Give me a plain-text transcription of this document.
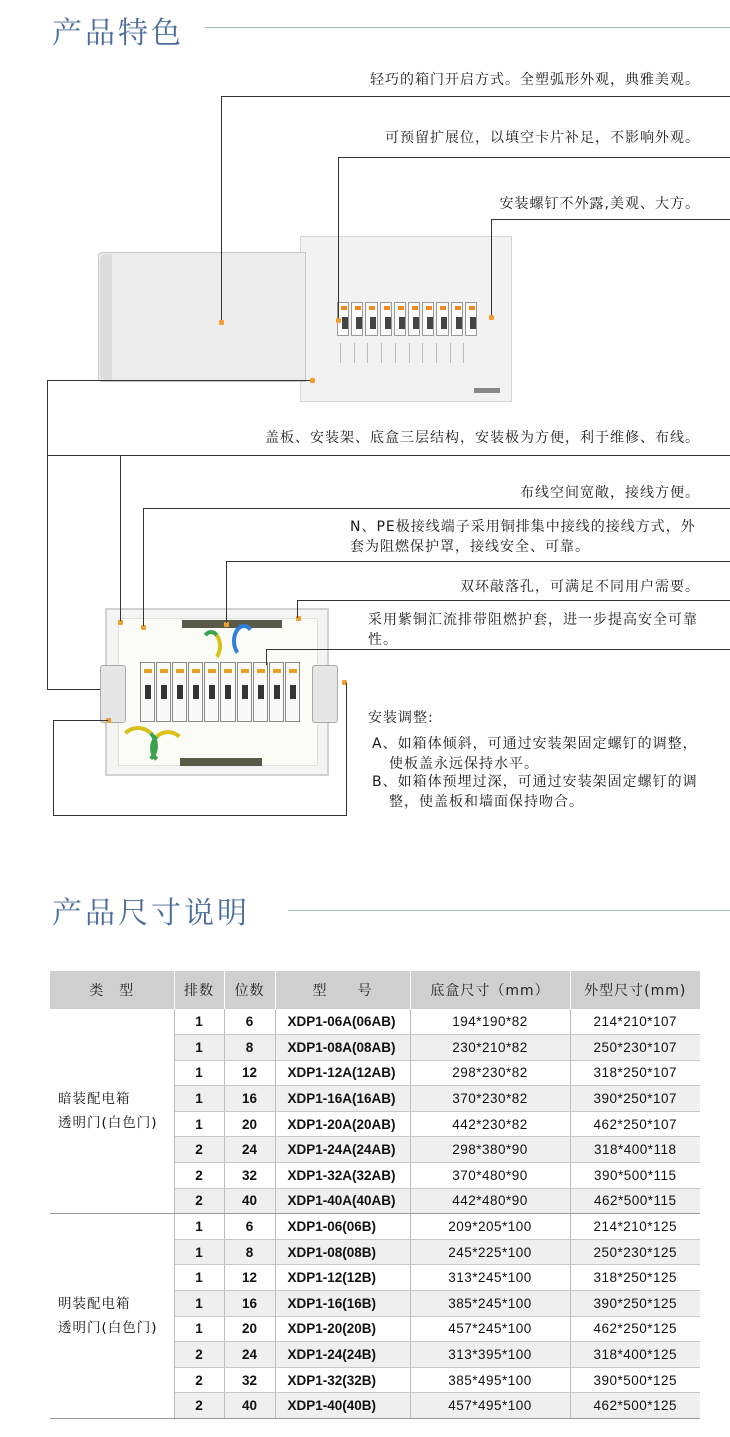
产品特色
轻巧的箱门开启方式。全塑弧形外观，典雅美观。
可预留扩展位，以填空卡片补足，不影响外观。
安装螺钉不外露,美观、大方。
盖板、安装架、底盒三层结构，安装极为方便，利于维修、布线。
布线空间宽敞，接线方便。
N、PE极接线端子采用铜排集中接线的接线方式，外套为阻燃保护罩，接线安全、可靠。
双环敲落孔，可满足不同用户需要。
采用紫铜汇流排带阻燃护套，进一步提高安全可靠性。
安装调整:
A、如箱体倾斜，可通过安装架固定螺钉的调整，使板盖永远保持水平。
B、如箱体预埋过深，可通过安装架固定螺钉的调整，使盖板和墙面保持吻合。
产品尺寸说明
类　型	排数	位数	型　　号	底盒尺寸（mm）	外型尺寸(mm)

暗装配电箱
透明门(白色门)	1	6	XDP1-06A(06AB)	194*190*82	214*210*107
	1	8	XDP1-08A(08AB)	230*210*82	250*230*107
	1	12	XDP1-12A(12AB)	298*230*82	318*250*107
	1	16	XDP1-16A(16AB)	370*230*82	390*250*107
	1	20	XDP1-20A(20AB)	442*230*82	462*250*107
	2	24	XDP1-24A(24AB)	298*380*90	318*400*118
	2	32	XDP1-32A(32AB)	370*480*90	390*500*115
	2	40	XDP1-40A(40AB)	442*480*90	462*500*115

明装配电箱
透明门(白色门)	1	6	XDP1-06(06B)	209*205*100	214*210*125
	1	8	XDP1-08(08B)	245*225*100	250*230*125
	1	12	XDP1-12(12B)	313*245*100	318*250*125
	1	16	XDP1-16(16B)	385*245*100	390*250*125
	1	20	XDP1-20(20B)	457*245*100	462*250*125
	2	24	XDP1-24(24B)	313*395*100	318*400*125
	2	32	XDP1-32(32B)	385*495*100	390*500*125
	2	40	XDP1-40(40B)	457*495*100	462*500*125
